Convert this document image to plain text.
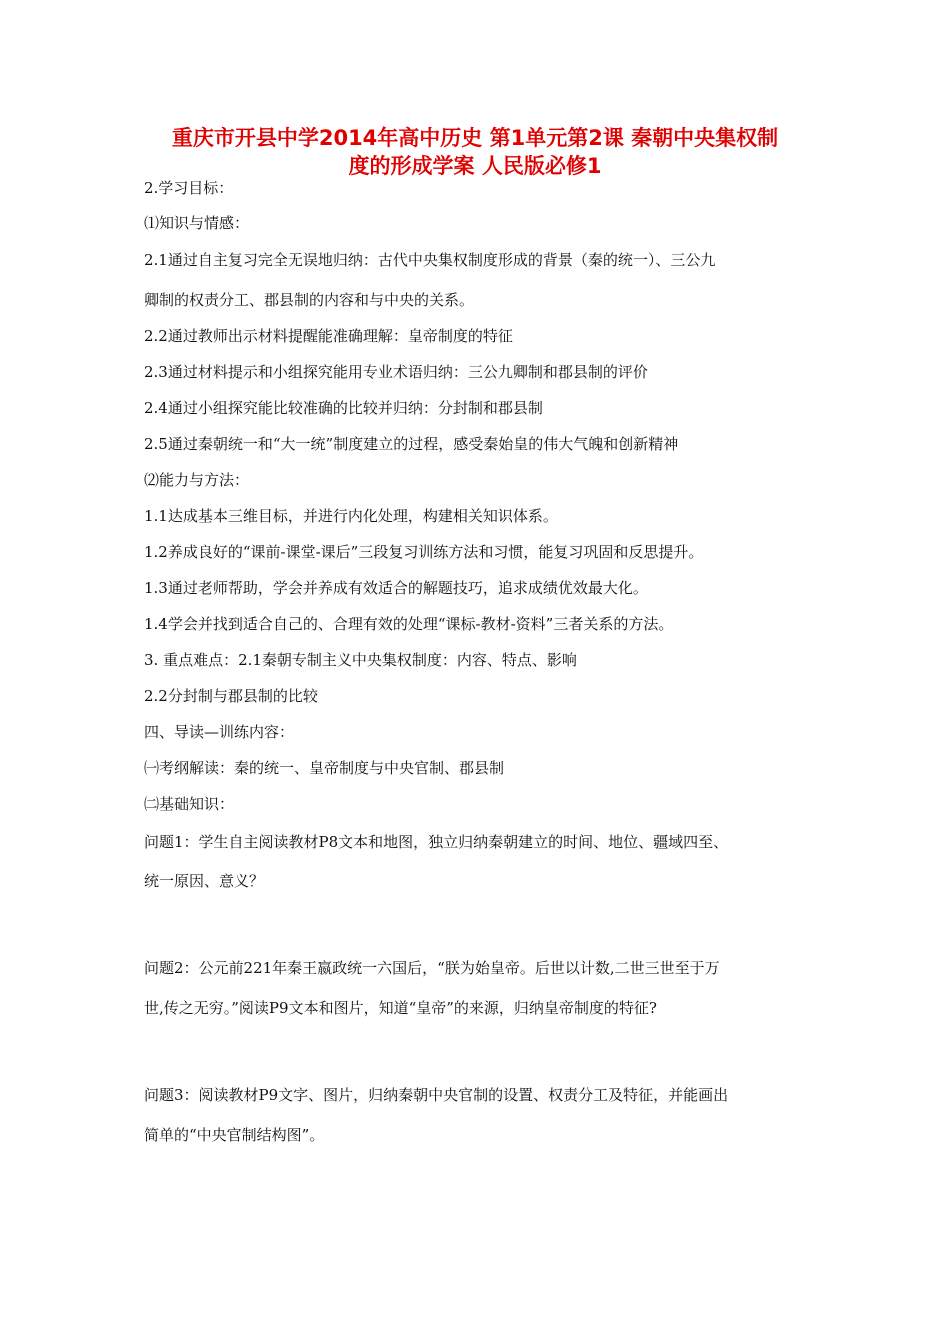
重庆市开县中学2014年高中历史 第1单元第2课 秦朝中央集权制
度的形成学案 人民版必修1
2.学习目标：
⑴知识与情感：
2.1通过自主复习完全无误地归纳：古代中央集权制度形成的背景（秦的统一）、三公九
卿制的权责分工、郡县制的内容和与中央的关系。
2.2通过教师出示材料提醒能准确理解：皇帝制度的特征
2.3通过材料提示和小组探究能用专业术语归纳：三公九卿制和郡县制的评价
2.4通过小组探究能比较准确的比较并归纳：分封制和郡县制
2.5通过秦朝统一和“大一统”制度建立的过程，感受秦始皇的伟大气魄和创新精神
⑵能力与方法：
1.1达成基本三维目标，并进行内化处理，构建相关知识体系。
1.2养成良好的“课前-课堂-课后”三段复习训练方法和习惯，能复习巩固和反思提升。
1.3通过老师帮助，学会并养成有效适合的解题技巧，追求成绩优效最大化。
1.4学会并找到适合自己的、合理有效的处理“课标-教材-资料”三者关系的方法。
3. 重点难点：2.1秦朝专制主义中央集权制度：内容、特点、影响
2.2分封制与郡县制的比较
四、导读—训练内容：
㈠考纲解读：秦的统一、皇帝制度与中央官制、郡县制
㈡基础知识：
问题1：学生自主阅读教材P8文本和地图，独立归纳秦朝建立的时间、地位、疆域四至、
统一原因、意义？
问题2：公元前221年秦王嬴政统一六国后，“朕为始皇帝。后世以计数,二世三世至于万
世,传之无穷。”阅读P9文本和图片，知道“皇帝”的来源，归纳皇帝制度的特征?
问题3：阅读教材P9文字、图片，归纳秦朝中央官制的设置、权责分工及特征，并能画出
简单的“中央官制结构图”。
